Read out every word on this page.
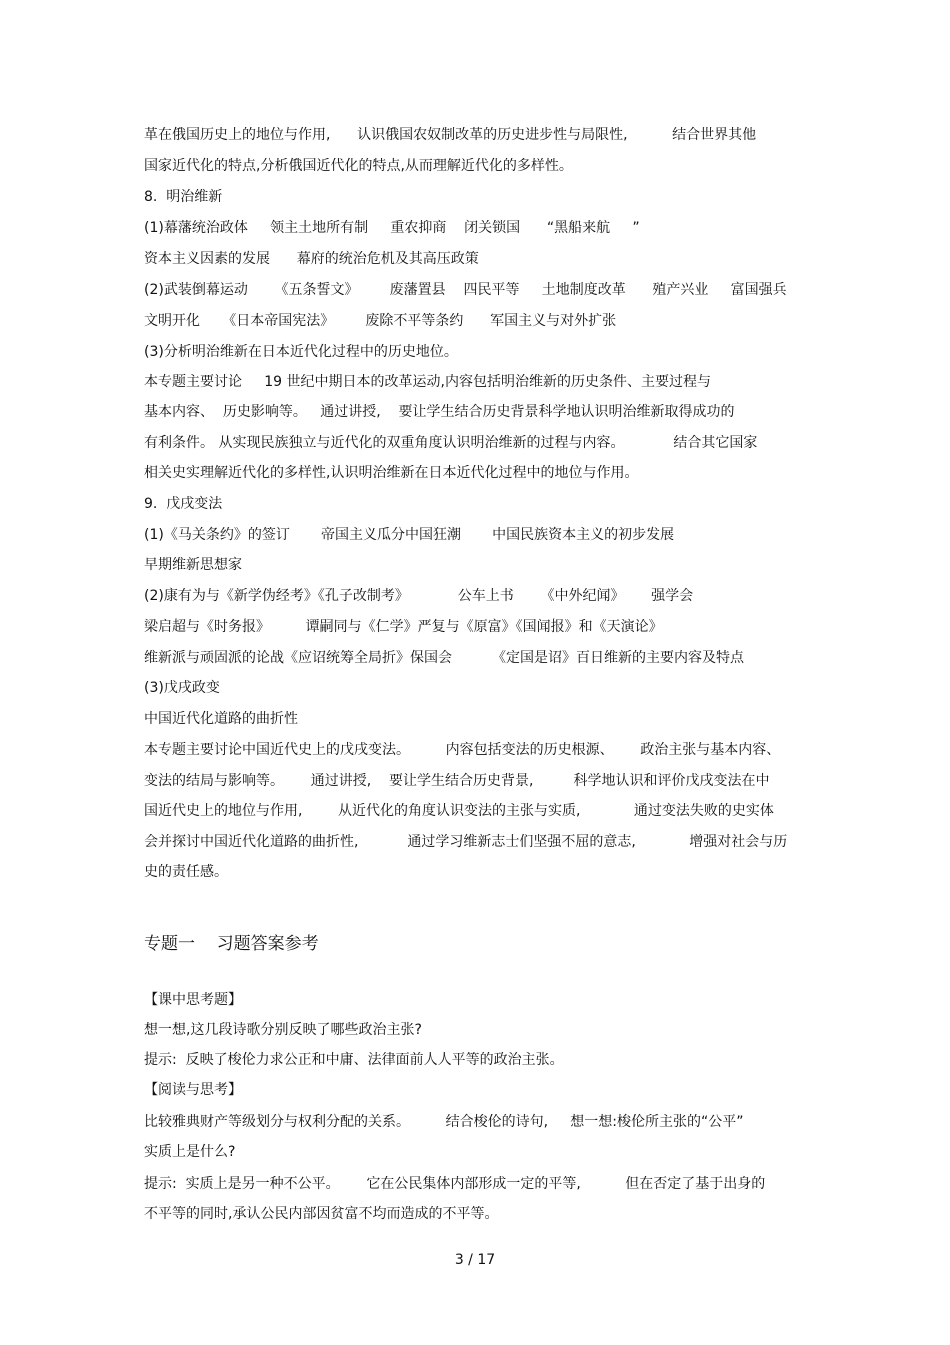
革在俄国历史上的地位与作用,      认识俄国农奴制改革的历史进步性与局限性,          结合世界其他
国家近代化的特点,分析俄国近代化的特点,从而理解近代化的多样性。
8.  明治维新
(1)幕藩统治政体     领主土地所有制     重农抑商    闭关锁国      “黑船来航     ”
资本主义因素的发展      幕府的统治危机及其高压政策
(2)武装倒幕运动      《五条誓文》       废藩置县    四民平等     土地制度改革      殖产兴业     富国强兵
文明开化     《日本帝国宪法》       废除不平等条约      军国主义与对外扩张
(3)分析明治维新在日本近代化过程中的历史地位。
本专题主要讨论     19 世纪中期日本的改革运动,内容包括明治维新的历史条件、主要过程与
基本内容、  历史影响等。   通过讲授,    要让学生结合历史背景科学地认识明治维新取得成功的
有利条件。 从实现民族独立与近代化的双重角度认识明治维新的过程与内容。           结合其它国家
相关史实理解近代化的多样性,认识明治维新在日本近代化过程中的地位与作用。
9.  戊戌变法
(1)《马关条约》的签订       帝国主义瓜分中国狂潮       中国民族资本主义的初步发展
早期维新思想家
(2)康有为与《新学伪经考》《孔子改制考》           公车上书      《中外纪闻》      强学会
梁启超与《时务报》        谭嗣同与《仁学》严复与《原富》《国闻报》和《天演论》
维新派与顽固派的论战《应诏统筹全局折》保国会         《定国是诏》百日维新的主要内容及特点
(3)戊戌政变
中国近代化道路的曲折性
本专题主要讨论中国近代史上的戊戌变法。        内容包括变法的历史根源、      政治主张与基本内容、
变法的结局与影响等。      通过讲授,    要让学生结合历史背景,         科学地认识和评价戊戌变法在中
国近代史上的地位与作用,        从近代化的角度认识变法的主张与实质,            通过变法失败的史实体
会并探讨中国近代化道路的曲折性,           通过学习维新志士们坚强不屈的意志,            增强对社会与历
史的责任感。
专题一    习题答案参考
【课中思考题】
想一想,这几段诗歌分别反映了哪些政治主张?
提示:  反映了梭伦力求公正和中庸、法律面前人人平等的政治主张。
【阅读与思考】
比较雅典财产等级划分与权利分配的关系。        结合梭伦的诗句,     想一想:梭伦所主张的“公平”
实质上是什么?
提示:  实质上是另一种不公平。      它在公民集体内部形成一定的平等,          但在否定了基于出身的
不平等的同时,承认公民内部因贫富不均而造成的不平等。
3 / 17
